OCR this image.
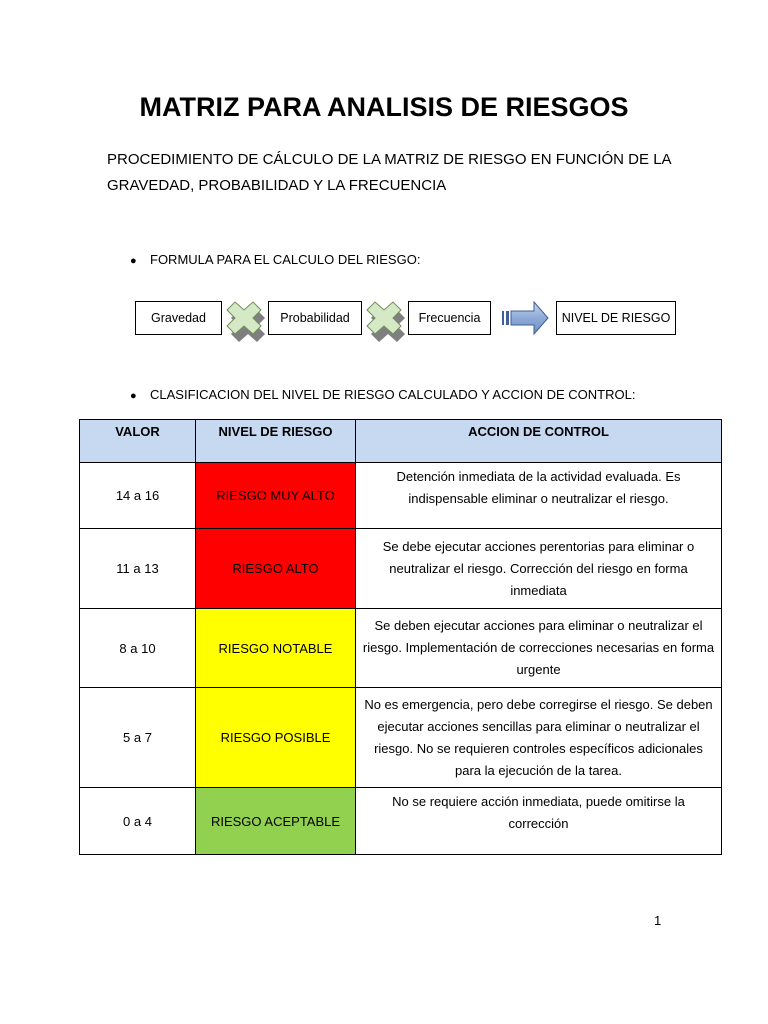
MATRIZ PARA ANALISIS DE RIESGOS
PROCEDIMIENTO DE CÁLCULO DE LA MATRIZ DE RIESGO EN FUNCIÓN DE LA
GRAVEDAD, PROBABILIDAD Y LA FRECUENCIA
● FORMULA PARA EL CALCULO DEL RIESGO:
Gravedad	Probabilidad	Frecuencia	NIVEL DE RIESGO
● CLASIFICACION DEL NIVEL DE RIESGO CALCULADO Y ACCION DE CONTROL:
VALOR	NIVEL DE RIESGO	ACCION DE CONTROL
14 a 16	RIESGO MUY ALTO	Detención inmediata de la actividad evaluada. Es indispensable eliminar o neutralizar el riesgo.
11 a 13	RIESGO ALTO	Se debe ejecutar acciones perentorias para eliminar o neutralizar el riesgo. Corrección del riesgo en forma inmediata
8 a 10	RIESGO NOTABLE	Se deben ejecutar acciones para eliminar o neutralizar el riesgo. Implementación de correcciones necesarias en forma urgente
5 a 7	RIESGO POSIBLE	No es emergencia, pero debe corregirse el riesgo. Se deben ejecutar acciones sencillas para eliminar o neutralizar el riesgo. No se requieren controles específicos adicionales para la ejecución de la tarea.
0 a 4	RIESGO ACEPTABLE	No se requiere acción inmediata, puede omitirse la corrección
1
